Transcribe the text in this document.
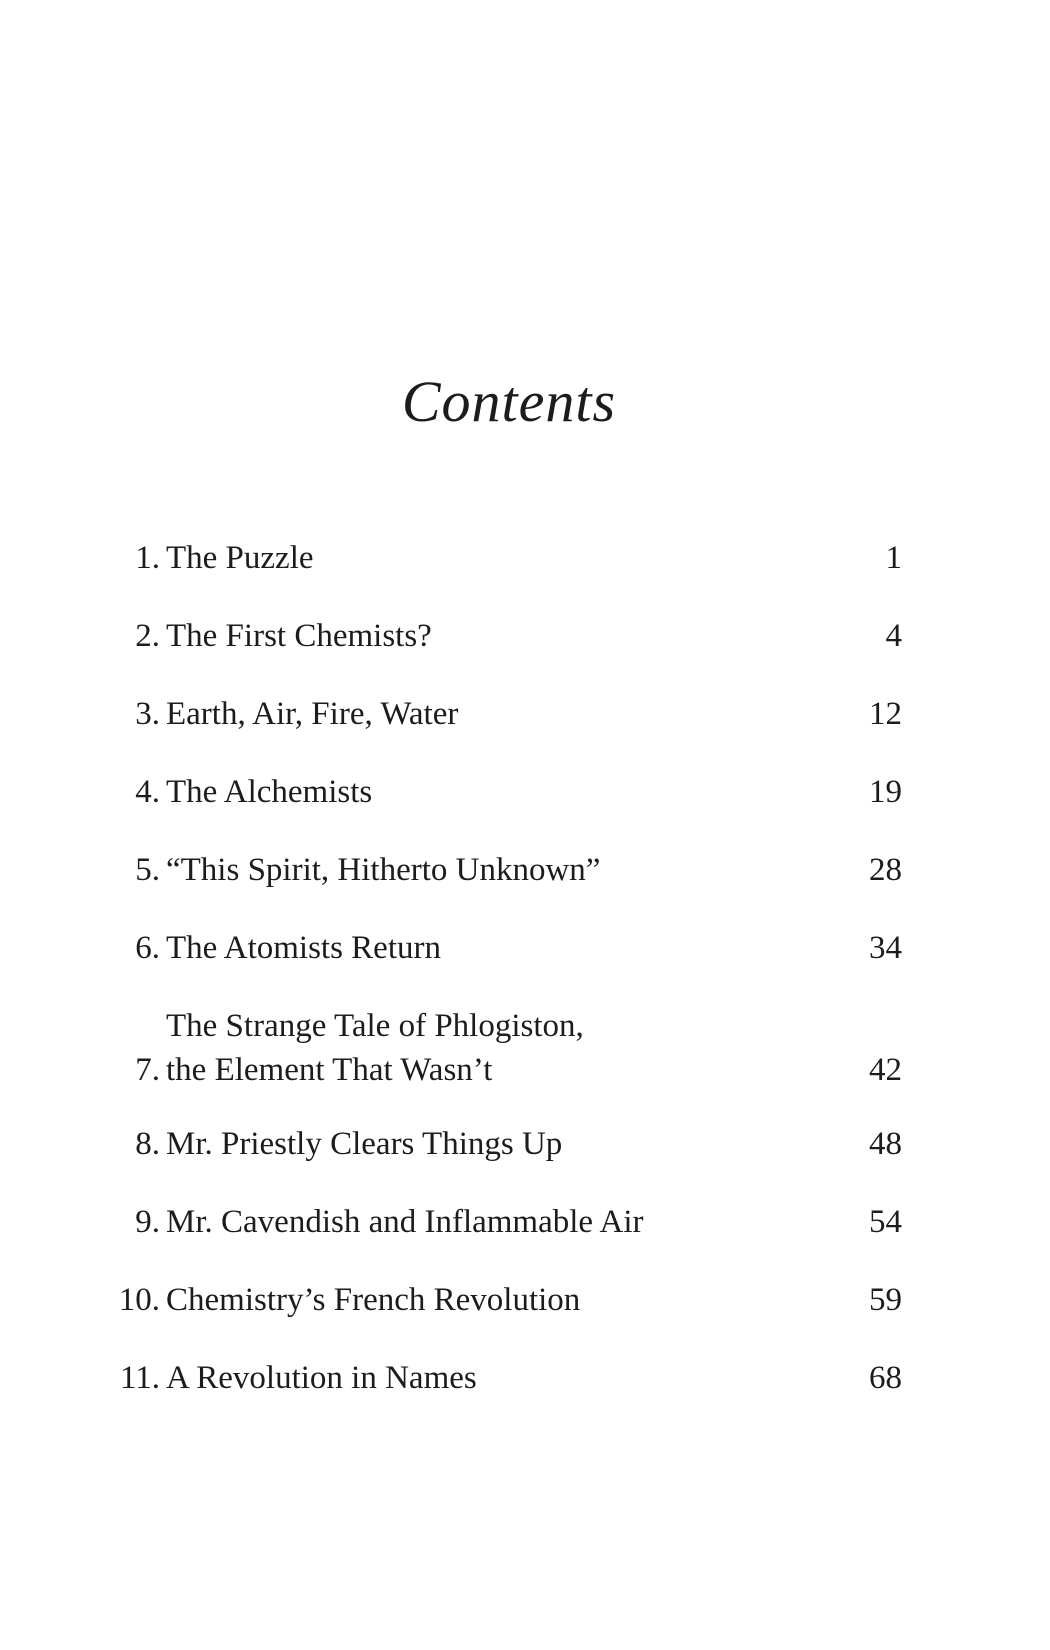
Contents
1. The Puzzle	1
2. The First Chemists?	4
3. Earth, Air, Fire, Water	12
4. The Alchemists	19
5. “This Spirit, Hitherto Unknown”	28
6. The Atomists Return	34
7.
The Strange Tale of Phlogiston,
the Element That Wasn’t	42
8. Mr. Priestly Clears Things Up	48
9. Mr. Cavendish and Inflammable Air	54
10. Chemistry’s French Revolution	59
11. A Revolution in Names	68
